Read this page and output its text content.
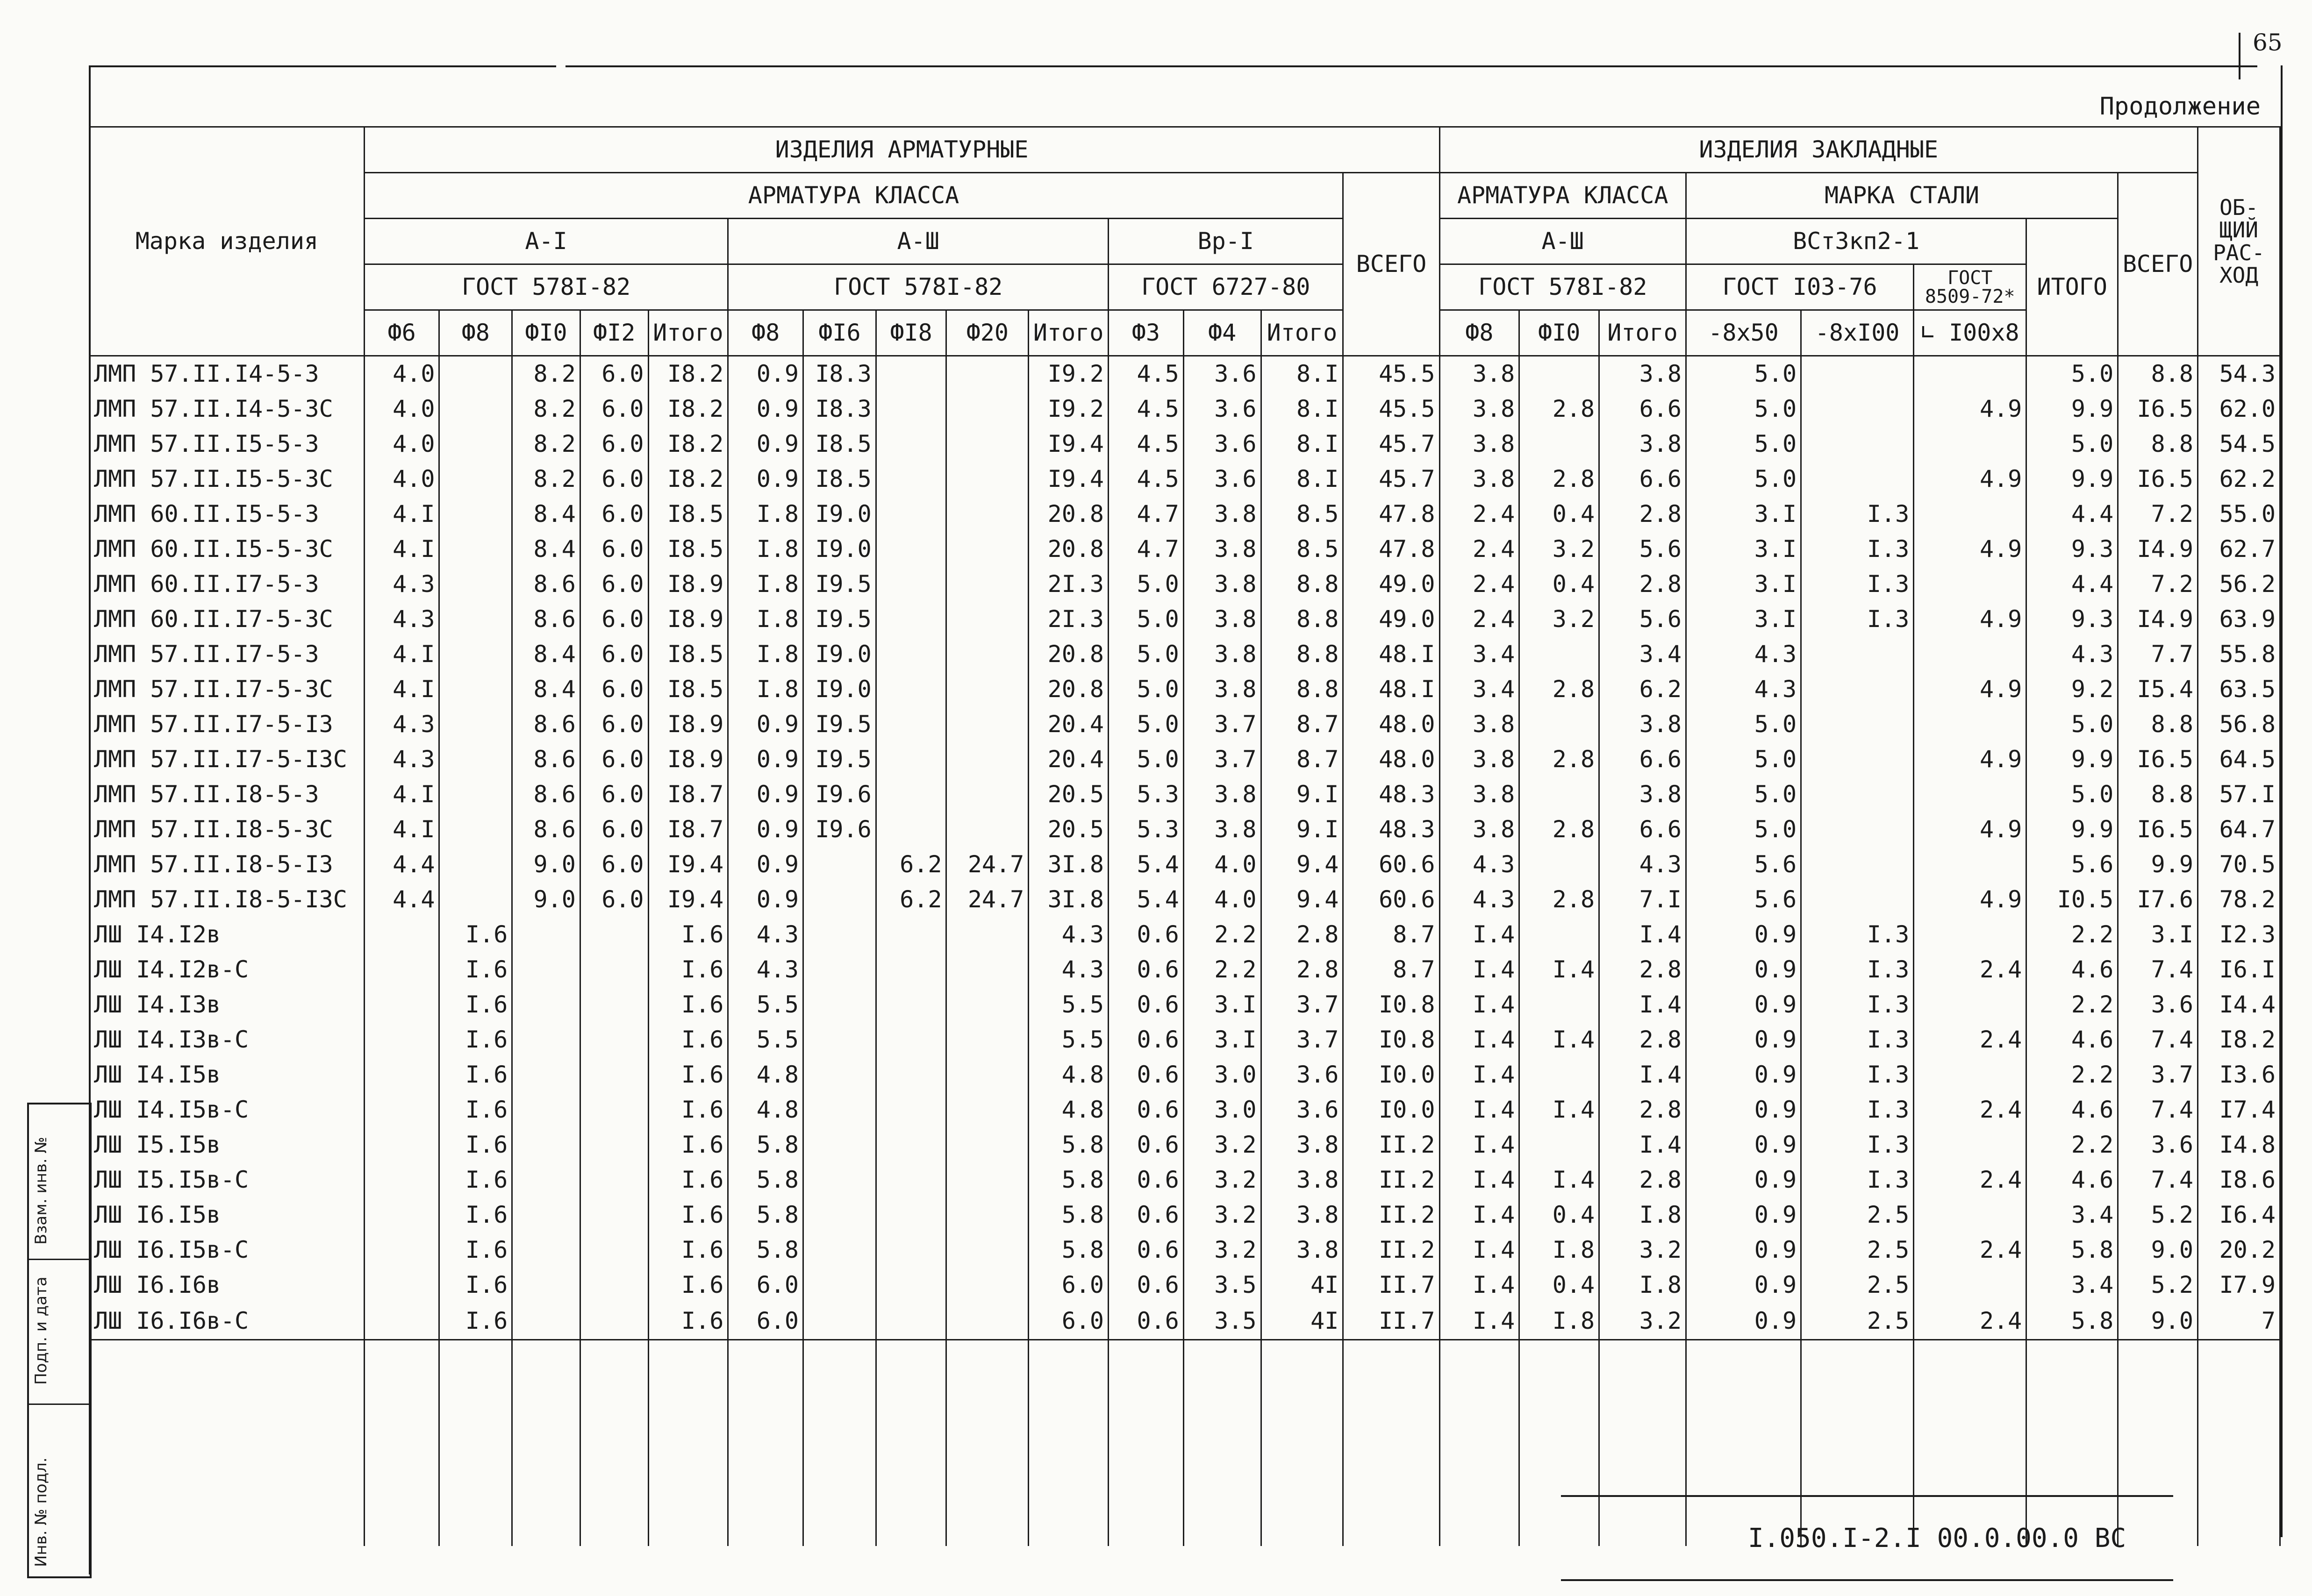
65
Продолжение
Марка изделия	ИЗДЕЛИЯ АРМАТУРНЫЕ														ИЗДЕЛИЯ ЗАКЛАДНЫЕ								ОБ-ЩИЙ РАС-ХОД
	АРМАТУРА КЛАССА													ВСЕГО	АРМАТУРА КЛАССА			МАРКА СТАЛИ				ВСЕГО	
	А-I					А-Ш					Вр-I				А-Ш			ВСт3кп2-1			ИТОГО		
	ГОСТ 578I-82					ГОСТ 578I-82					ГОСТ 6727-80				ГОСТ 578I-82			ГОСТ I03-76		ГОСТ 8509-72*			
	Ф6	Ф8	ФI0	ФI2	Итого	Ф8	ФI6	ФI8	Ф20	Итого	Ф3	Ф4	Итого		Ф8	ФI0	Итого	-8х50	-8хI00	∟ I00х8			
ЛМП 57.II.I4-5-3	4.0		8.2	6.0	I8.2	0.9	I8.3			I9.2	4.5	3.6	8.I	45.5	3.8		3.8	5.0			5.0	8.8	54.3
ЛМП 57.II.I4-5-3С	4.0		8.2	6.0	I8.2	0.9	I8.3			I9.2	4.5	3.6	8.I	45.5	3.8	2.8	6.6	5.0		4.9	9.9	I6.5	62.0
ЛМП 57.II.I5-5-3	4.0		8.2	6.0	I8.2	0.9	I8.5			I9.4	4.5	3.6	8.I	45.7	3.8		3.8	5.0			5.0	8.8	54.5
ЛМП 57.II.I5-5-3С	4.0		8.2	6.0	I8.2	0.9	I8.5			I9.4	4.5	3.6	8.I	45.7	3.8	2.8	6.6	5.0		4.9	9.9	I6.5	62.2
ЛМП 60.II.I5-5-3	4.I		8.4	6.0	I8.5	I.8	I9.0			20.8	4.7	3.8	8.5	47.8	2.4	0.4	2.8	3.I	I.3		4.4	7.2	55.0
ЛМП 60.II.I5-5-3С	4.I		8.4	6.0	I8.5	I.8	I9.0			20.8	4.7	3.8	8.5	47.8	2.4	3.2	5.6	3.I	I.3	4.9	9.3	I4.9	62.7
ЛМП 60.II.I7-5-3	4.3		8.6	6.0	I8.9	I.8	I9.5			2I.3	5.0	3.8	8.8	49.0	2.4	0.4	2.8	3.I	I.3		4.4	7.2	56.2
ЛМП 60.II.I7-5-3С	4.3		8.6	6.0	I8.9	I.8	I9.5			2I.3	5.0	3.8	8.8	49.0	2.4	3.2	5.6	3.I	I.3	4.9	9.3	I4.9	63.9
ЛМП 57.II.I7-5-3	4.I		8.4	6.0	I8.5	I.8	I9.0			20.8	5.0	3.8	8.8	48.I	3.4		3.4	4.3			4.3	7.7	55.8
ЛМП 57.II.I7-5-3С	4.I		8.4	6.0	I8.5	I.8	I9.0			20.8	5.0	3.8	8.8	48.I	3.4	2.8	6.2	4.3		4.9	9.2	I5.4	63.5
ЛМП 57.II.I7-5-I3	4.3		8.6	6.0	I8.9	0.9	I9.5			20.4	5.0	3.7	8.7	48.0	3.8		3.8	5.0			5.0	8.8	56.8
ЛМП 57.II.I7-5-I3С	4.3		8.6	6.0	I8.9	0.9	I9.5			20.4	5.0	3.7	8.7	48.0	3.8	2.8	6.6	5.0		4.9	9.9	I6.5	64.5
ЛМП 57.II.I8-5-3	4.I		8.6	6.0	I8.7	0.9	I9.6			20.5	5.3	3.8	9.I	48.3	3.8		3.8	5.0			5.0	8.8	57.I
ЛМП 57.II.I8-5-3С	4.I		8.6	6.0	I8.7	0.9	I9.6			20.5	5.3	3.8	9.I	48.3	3.8	2.8	6.6	5.0		4.9	9.9	I6.5	64.7
ЛМП 57.II.I8-5-I3	4.4		9.0	6.0	I9.4	0.9		6.2	24.7	3I.8	5.4	4.0	9.4	60.6	4.3		4.3	5.6			5.6	9.9	70.5
ЛМП 57.II.I8-5-I3С	4.4		9.0	6.0	I9.4	0.9		6.2	24.7	3I.8	5.4	4.0	9.4	60.6	4.3	2.8	7.I	5.6		4.9	I0.5	I7.6	78.2
ЛШ I4.I2в		I.6			I.6	4.3				4.3	0.6	2.2	2.8	8.7	I.4		I.4	0.9	I.3		2.2	3.I	I2.3
ЛШ I4.I2в-С		I.6			I.6	4.3				4.3	0.6	2.2	2.8	8.7	I.4	I.4	2.8	0.9	I.3	2.4	4.6	7.4	I6.I
ЛШ I4.I3в		I.6			I.6	5.5				5.5	0.6	3.I	3.7	I0.8	I.4		I.4	0.9	I.3		2.2	3.6	I4.4
ЛШ I4.I3в-С		I.6			I.6	5.5				5.5	0.6	3.I	3.7	I0.8	I.4	I.4	2.8	0.9	I.3	2.4	4.6	7.4	I8.2
ЛШ I4.I5в		I.6			I.6	4.8				4.8	0.6	3.0	3.6	I0.0	I.4		I.4	0.9	I.3		2.2	3.7	I3.6
ЛШ I4.I5в-С		I.6			I.6	4.8				4.8	0.6	3.0	3.6	I0.0	I.4	I.4	2.8	0.9	I.3	2.4	4.6	7.4	I7.4
ЛШ I5.I5в		I.6			I.6	5.8				5.8	0.6	3.2	3.8	II.2	I.4		I.4	0.9	I.3		2.2	3.6	I4.8
ЛШ I5.I5в-С		I.6			I.6	5.8				5.8	0.6	3.2	3.8	II.2	I.4	I.4	2.8	0.9	I.3	2.4	4.6	7.4	I8.6
ЛШ I6.I5в		I.6			I.6	5.8				5.8	0.6	3.2	3.8	II.2	I.4	0.4	I.8	0.9	2.5		3.4	5.2	I6.4
ЛШ I6.I5в-С		I.6			I.6	5.8				5.8	0.6	3.2	3.8	II.2	I.4	I.8	3.2	0.9	2.5	2.4	5.8	9.0	20.2
ЛШ I6.I6в		I.6			I.6	6.0				6.0	0.6	3.5	4I	II.7	I.4	0.4	I.8	0.9	2.5		3.4	5.2	I7.9
ЛШ I6.I6в-С		I.6			I.6	6.0				6.0	0.6	3.5	4I	II.7	I.4	I.8	3.2	0.9	2.5	2.4	5.8	9.0	7

Взам. инв. №
Подп. и дата
Инв. № подл.	I.050.I-2.I 00.0.00.0 ВС
